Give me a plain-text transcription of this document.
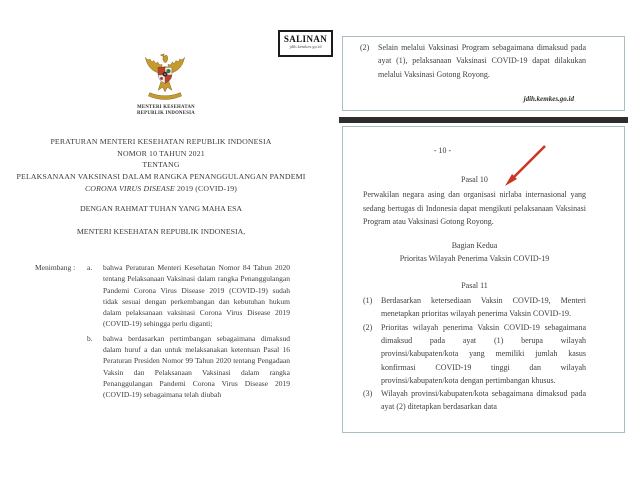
SALINAN
jdih.kemkes.go.id
MENTERI KESEHATAN
REPUBLIK INDONESIA
PERATURAN MENTERI KESEHATAN REPUBLIK INDONESIA
NOMOR 10 TAHUN 2021
TENTANG
PELAKSANAAN VAKSINASI DALAM RANGKA PENANGGULANGAN PANDEMI
CORONA VIRUS DISEASE 2019 (COVID-19)
DENGAN RAHMAT TUHAN YANG MAHA ESA
MENTERI KESEHATAN REPUBLIK INDONESIA,
Menimbang :	a.	bahwa Peraturan Menteri Kesehatan Nomor 84 Tahun 2020 tentang Pelaksanaan Vaksinasi dalam rangka Penanggulangan Pandemi Corona Virus Disease 2019 (COVID-19) sudah tidak sesuai dengan perkembangan dan kebutuhan hukum dalam pelaksanaan vaksinasi Corona Virus Disease 2019 (COVID-19) sehingga perlu diganti;
b.	bahwa berdasarkan pertimbangan sebagaimana dimaksud dalam huruf a dan untuk melaksanakan ketentuan Pasal 16 Peraturan Presiden Nomor 99 Tahun 2020 tentang Pengadaan Vaksin dan Pelaksanaan Vaksinasi dalam rangka Penanggulangan Pandemi Corona Virus Disease 2019 (COVID-19) sebagaimana telah diubah
(2)	Selain melalui Vaksinasi Program sebagaimana dimaksud pada ayat (1), pelaksanaan Vaksinasi COVID-19 dapat dilakukan melalui Vaksinasi Gotong Royong.
jdih.kemkes.go.id
- 10 -
Pasal 10
Perwakilan negara asing dan organisasi nirlaba internasional yang sedang bertugas di Indonesia dapat mengikuti pelaksanaan Vaksinasi Program atau Vaksinasi Gotong Royong.
Bagian Kedua
Prioritas Wilayah Penerima Vaksin COVID-19
Pasal 11
(1)	Berdasarkan ketersediaan Vaksin COVID-19, Menteri menetapkan prioritas wilayah penerima Vaksin COVID-19.
(2)	Prioritas wilayah penerima Vaksin COVID-19 sebagaimana dimaksud pada ayat (1) berupa wilayah provinsi/kabupaten/kota yang memiliki jumlah kasus konfirmasi COVID-19 tinggi dan wilayah provinsi/kabupaten/kota dengan pertimbangan khusus.
(3)	Wilayah provinsi/kabupaten/kota sebagaimana dimaksud pada ayat (2) ditetapkan berdasarkan data
